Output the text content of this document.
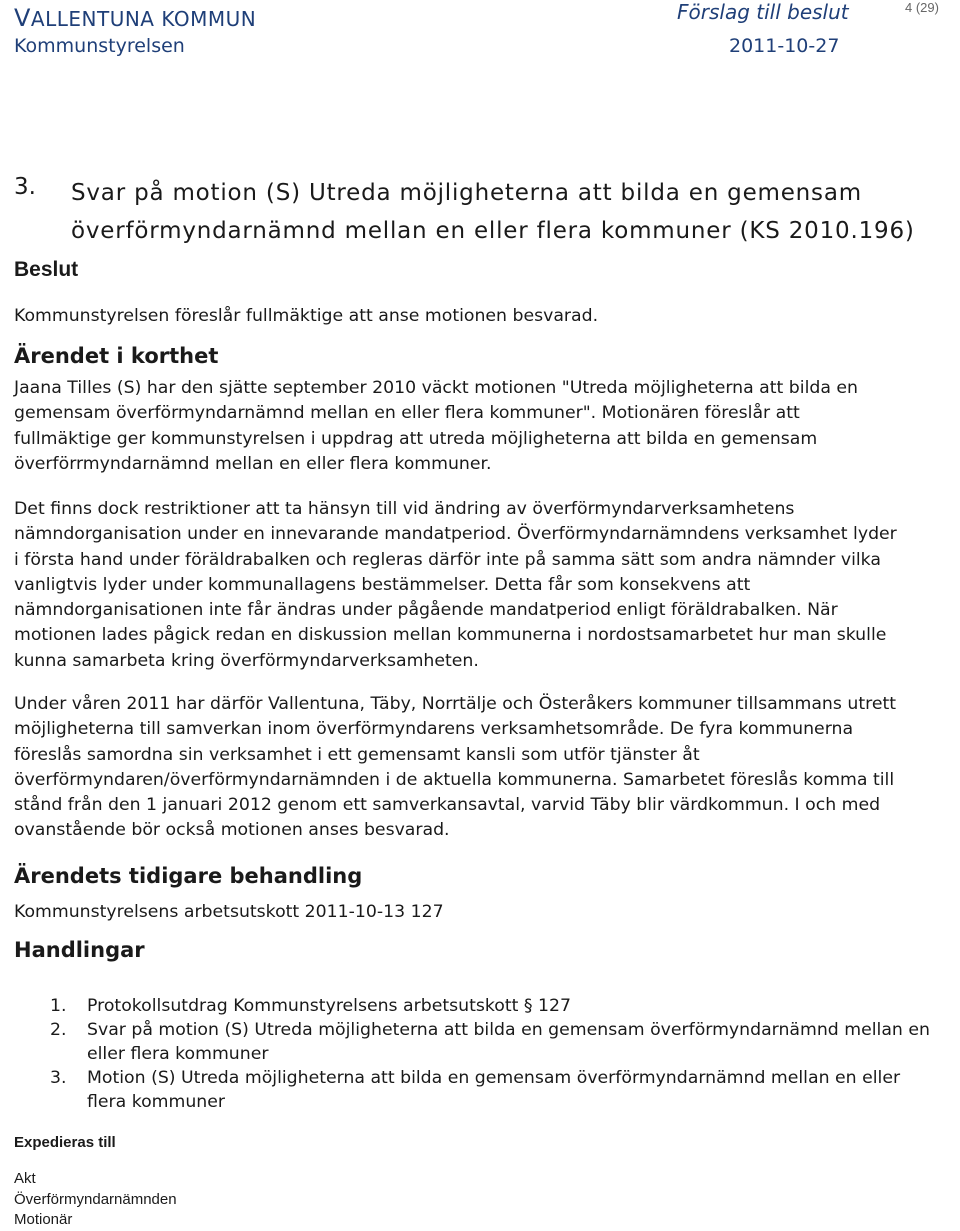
VALLENTUNA KOMMUN
Kommunstyrelsen
Förslag till beslut
2011-10-27
4 (29)
3. Svar på motion (S) Utreda möjligheterna att bilda en gemensam
överförmyndarnämnd mellan en eller flera kommuner (KS 2010.196)
Beslut
Kommunstyrelsen föreslår fullmäktige att anse motionen besvarad.
Ärendet i korthet
Jaana Tilles (S) har den sjätte september 2010 väckt motionen "Utreda möjligheterna att bilda en
gemensam överförmyndarnämnd mellan en eller flera kommuner". Motionären föreslår att
fullmäktige ger kommunstyrelsen i uppdrag att utreda möjligheterna att bilda en gemensam
överförrmyndarnämnd mellan en eller flera kommuner.
Det finns dock restriktioner att ta hänsyn till vid ändring av överförmyndarverksamhetens
nämndorganisation under en innevarande mandatperiod. Överförmyndarnämndens verksamhet lyder
i första hand under föräldrabalken och regleras därför inte på samma sätt som andra nämnder vilka
vanligtvis lyder under kommunallagens bestämmelser. Detta får som konsekvens att
nämndorganisationen inte får ändras under pågående mandatperiod enligt föräldrabalken. När
motionen lades pågick redan en diskussion mellan kommunerna i nordostsamarbetet hur man skulle
kunna samarbeta kring överförmyndarverksamheten.
Under våren 2011 har därför Vallentuna, Täby, Norrtälje och Österåkers kommuner tillsammans utrett
möjligheterna till samverkan inom överförmyndarens verksamhetsområde. De fyra kommunerna
föreslås samordna sin verksamhet i ett gemensamt kansli som utför tjänster åt
överförmyndaren/överförmyndarnämnden i de aktuella kommunerna. Samarbetet föreslås komma till
stånd från den 1 januari 2012 genom ett samverkansavtal, varvid Täby blir värdkommun. I och med
ovanstående bör också motionen anses besvarad.
Ärendets tidigare behandling
Kommunstyrelsens arbetsutskott 2011-10-13 127
Handlingar
1. Protokollsutdrag Kommunstyrelsens arbetsutskott § 127
2. Svar på motion (S) Utreda möjligheterna att bilda en gemensam överförmyndarnämnd mellan en eller flera kommuner
3. Motion (S) Utreda möjligheterna att bilda en gemensam överförmyndarnämnd mellan en eller flera kommuner
Expedieras till
Akt
Överförmyndarnämnden
Motionär
